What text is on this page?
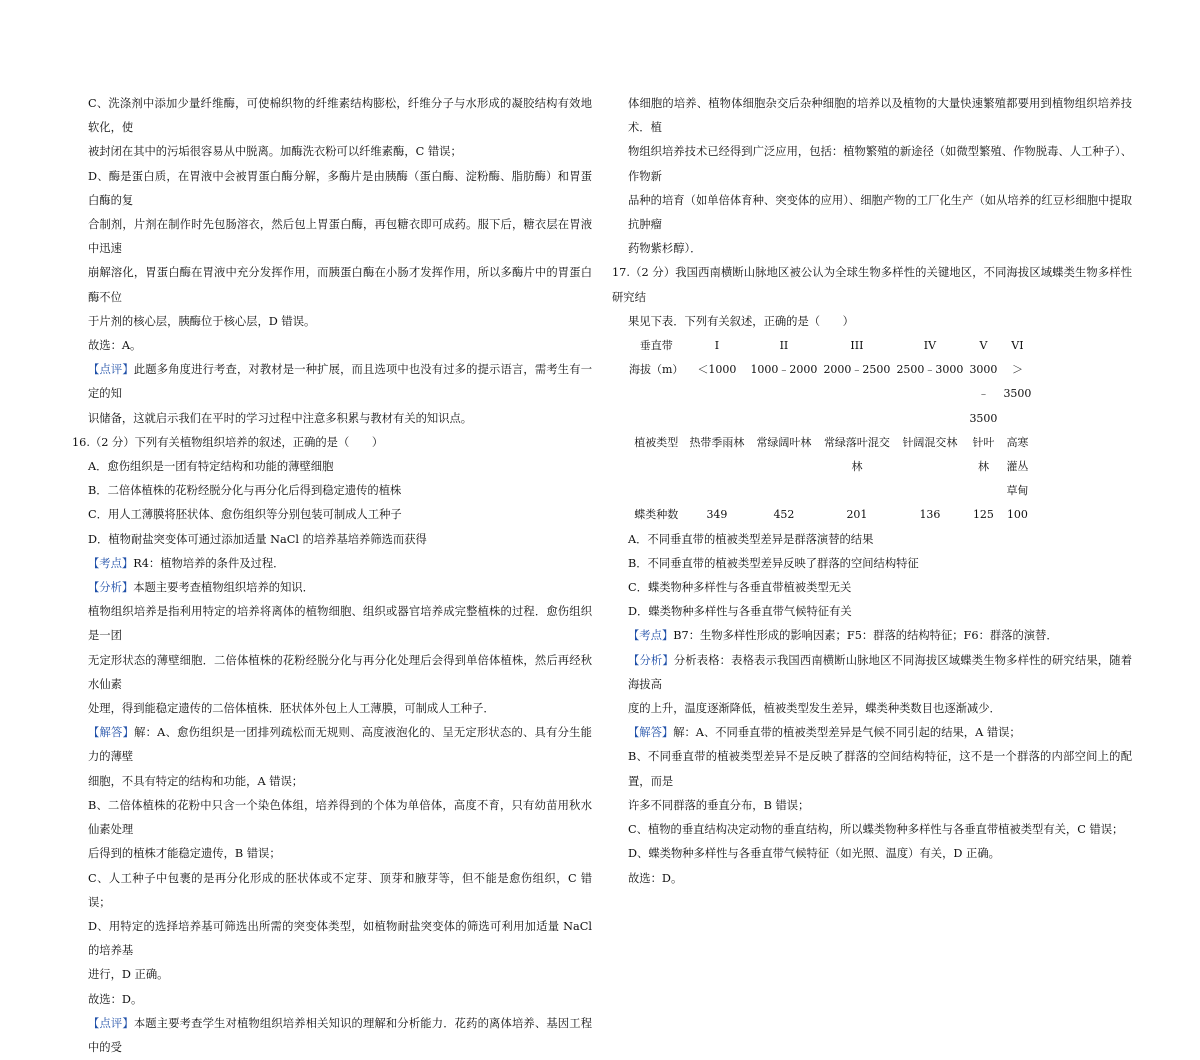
C、洗涤剂中添加少量纤维酶，可使棉织物的纤维素结构膨松，纤维分子与水形成的凝胶结构有效地软化，使

被封闭在其中的污垢很容易从中脱离。加酶洗衣粉可以纤维素酶，C 错误；

D、酶是蛋白质，在胃液中会被胃蛋白酶分解，多酶片是由胰酶（蛋白酶、淀粉酶、脂肪酶）和胃蛋白酶的复

合制剂，片剂在制作时先包肠溶衣，然后包上胃蛋白酶，再包糖衣即可成药。服下后，糖衣层在胃液中迅速

崩解溶化，胃蛋白酶在胃液中充分发挥作用，而胰蛋白酶在小肠才发挥作用，所以多酶片中的胃蛋白酶不位

于片剂的核心层，胰酶位于核心层，D 错误。

故选：A。

【点评】此题多角度进行考查，对教材是一种扩展，而且选项中也没有过多的提示语言，需考生有一定的知

识储备，这就启示我们在平时的学习过程中注意多积累与教材有关的知识点。

16.（2 分）下列有关植物组织培养的叙述，正确的是（　　）

A．愈伤组织是一团有特定结构和功能的薄壁细胞

B．二倍体植株的花粉经脱分化与再分化后得到稳定遗传的植株

C．用人工薄膜将胚状体、愈伤组织等分别包装可制成人工种子

D．植物耐盐突变体可通过添加适量 NaCl 的培养基培养筛选而获得

【考点】R4：植物培养的条件及过程．

【分析】本题主要考查植物组织培养的知识．

植物组织培养是指利用特定的培养将离体的植物细胞、组织或器官培养成完整植株的过程．愈伤组织是一团

无定形状态的薄壁细胞．二倍体植株的花粉经脱分化与再分化处理后会得到单倍体植株，然后再经秋水仙素

处理，得到能稳定遗传的二倍体植株．胚状体外包上人工薄膜，可制成人工种子．

【解答】解：A、愈伤组织是一团排列疏松而无规则、高度液泡化的、呈无定形状态的、具有分生能力的薄壁

细胞，不具有特定的结构和功能，A 错误；

B、二倍体植株的花粉中只含一个染色体组，培养得到的个体为单倍体，高度不育，只有幼苗用秋水仙素处理

后得到的植株才能稳定遗传，B 错误；

C、人工种子中包裹的是再分化形成的胚状体或不定芽、顶芽和腋芽等，但不能是愈伤组织，C 错误；

D、用特定的选择培养基可筛选出所需的突变体类型，如植物耐盐突变体的筛选可利用加适量 NaCl 的培养基

进行，D 正确。

故选：D。

【点评】本题主要考查学生对植物组织培养相关知识的理解和分析能力．花药的离体培养、基因工程中的受

体细胞的培养、植物体细胞杂交后杂种细胞的培养以及植物的大量快速繁殖都要用到植物组织培养技术．植

物组织培养技术已经得到广泛应用，包括：植物繁殖的新途径（如微型繁殖、作物脱毒、人工种子）、作物新

品种的培育（如单倍体育种、突变体的应用）、细胞产物的工厂化生产（如从培养的红豆杉细胞中提取抗肿瘤

药物紫杉醇）．

17.（2 分）我国西南横断山脉地区被公认为全球生物多样性的关键地区，不同海拔区域蝶类生物多样性研究结

果见下表．下列有关叙述，正确的是（　　）

垂直带	I	II	III	IV	V	VI
海拔（m）	＜1000	1000﹣2000	2000﹣2500	2500﹣3000	3000﹣3500	＞3500
植被类型	热带季雨林	常绿阔叶林	常绿落叶混交林	针阔混交林	针叶林	高寒灌丛草甸
蝶类种数	349	452	201	136	125	100

A．不同垂直带的植被类型差异是群落演替的结果

B．不同垂直带的植被类型差异反映了群落的空间结构特征

C．蝶类物种多样性与各垂直带植被类型无关

D．蝶类物种多样性与各垂直带气候特征有关

【考点】B7：生物多样性形成的影响因素；F5：群落的结构特征；F6：群落的演替．

【分析】分析表格：表格表示我国西南横断山脉地区不同海拔区域蝶类生物多样性的研究结果，随着海拔高

度的上升，温度逐渐降低，植被类型发生差异，蝶类种类数目也逐渐减少．

【解答】解：A、不同垂直带的植被类型差异是气候不同引起的结果，A 错误；

B、不同垂直带的植被类型差异不是反映了群落的空间结构特征，这不是一个群落的内部空间上的配置，而是

许多不同群落的垂直分布，B 错误；

C、植物的垂直结构决定动物的垂直结构，所以蝶类物种多样性与各垂直带植被类型有关，C 错误；

D、蝶类物种多样性与各垂直带气候特征（如光照、温度）有关，D 正确。

故选：D。
